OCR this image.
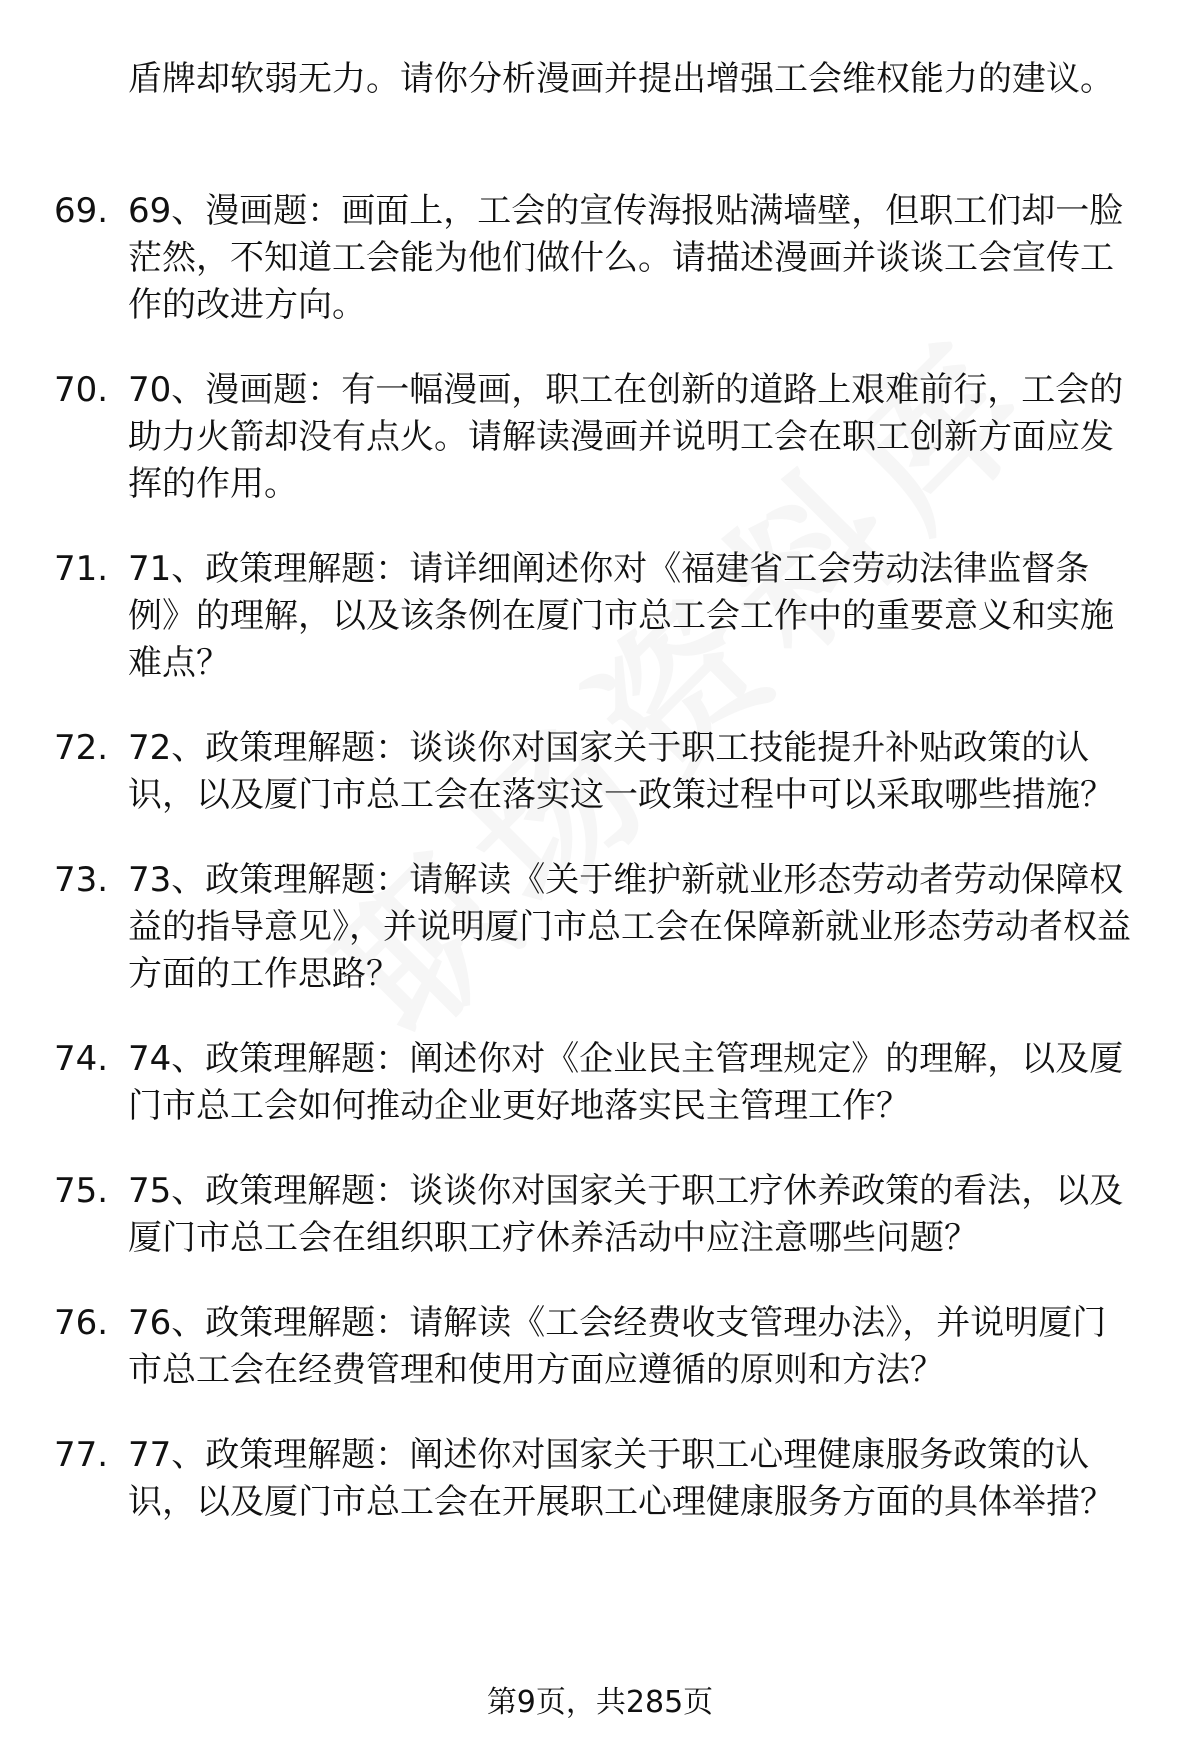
盾牌却软弱无力。请你分析漫画并提出增强工会维权能力的建议。
69. 69、漫画题：画面上，工会的宣传海报贴满墙壁，但职工们却一脸茫然，不知道工会能为他们做什么。请描述漫画并谈谈工会宣传工作的改进方向。
70. 70、漫画题：有一幅漫画，职工在创新的道路上艰难前行，工会的助力火箭却没有点火。请解读漫画并说明工会在职工创新方面应发挥的作用。
71. 71、政策理解题：请详细阐述你对《福建省工会劳动法律监督条例》的理解，以及该条例在厦门市总工会工作中的重要意义和实施难点？
72. 72、政策理解题：谈谈你对国家关于职工技能提升补贴政策的认识，以及厦门市总工会在落实这一政策过程中可以采取哪些措施？
73. 73、政策理解题：请解读《关于维护新就业形态劳动者劳动保障权益的指导意见》，并说明厦门市总工会在保障新就业形态劳动者权益方面的工作思路？
74. 74、政策理解题：阐述你对《企业民主管理规定》的理解，以及厦门市总工会如何推动企业更好地落实民主管理工作？
75. 75、政策理解题：谈谈你对国家关于职工疗休养政策的看法，以及厦门市总工会在组织职工疗休养活动中应注意哪些问题？
76. 76、政策理解题：请解读《工会经费收支管理办法》，并说明厦门市总工会在经费管理和使用方面应遵循的原则和方法？
77. 77、政策理解题：阐述你对国家关于职工心理健康服务政策的认识，以及厦门市总工会在开展职工心理健康服务方面的具体举措？
第9页，共285页
